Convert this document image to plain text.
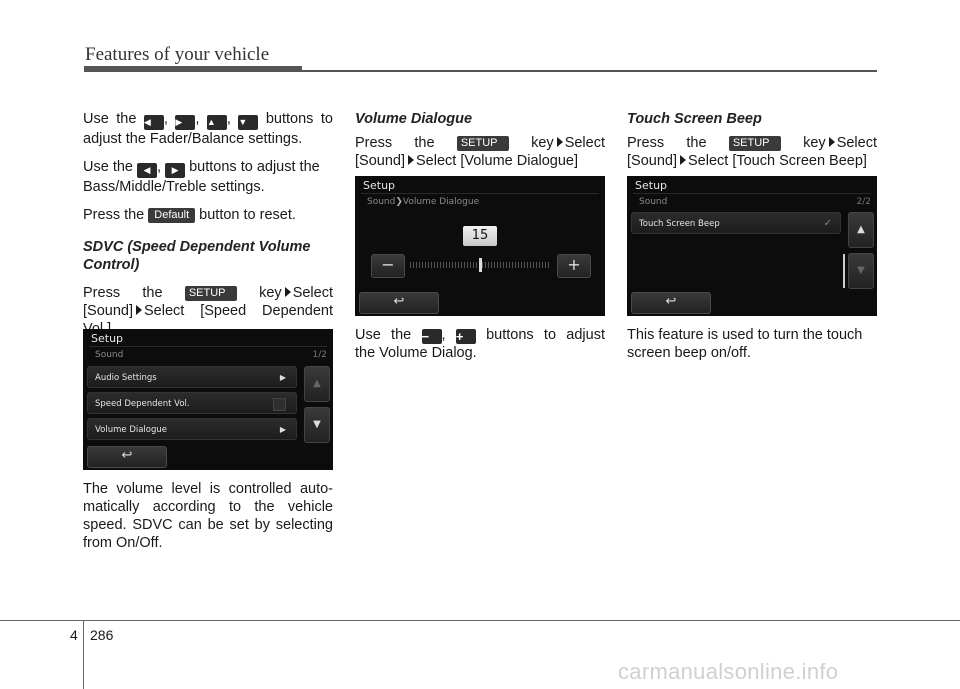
Features of your vehicle

Use the ◀ , ▶ , ▲ , ▼ buttons to
adjust the Fader/Balance settings.

Use the ◀ , ▶ buttons to adjust the
Bass/Middle/Treble settings.

Press the Default button to reset.

SDVC (Speed Dependent Volume Control)

Press the SETUP key Select
[Sound] Select [Speed Dependent

Setup
Sound	1/2
Audio Settings	▶
Speed Dependent Vol.
Volume Dialogue	▶
▲
▼
↩

The volume level is controlled auto-matically according to the vehicle speed. SDVC can be set by selecting from On/Off.

Volume Dialogue

Press the SETUP key Select
[Sound] Select [Volume Dialogue]

Setup
Sound❯Volume Dialogue
15
−	+
↩

Use the − , + buttons to adjust
the Volume Dialog.

Touch Screen Beep

Press the SETUP key Select
[Sound] Select [Touch Screen Beep]

Setup
Sound	2/2
Touch Screen Beep	✓
▲
▼
↩

This feature is used to turn the touch screen beep on/off.

4 286
carmanualsonline.info
